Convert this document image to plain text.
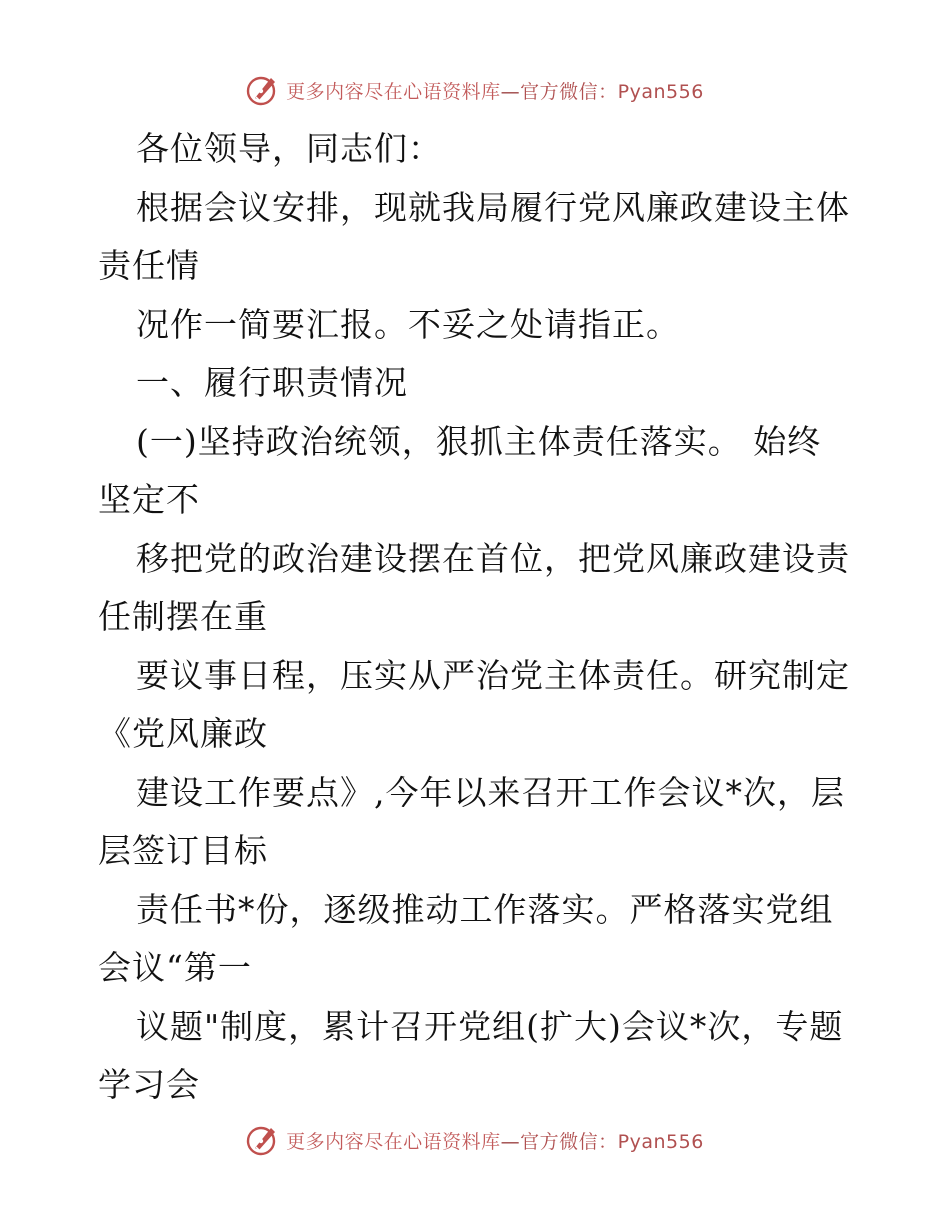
更多内容尽在心语资料库—官方微信：Pyan556
各位领导，同志们：
根据会议安排，现就我局履行党风廉政建设主体
责任情
况作一简要汇报。不妥之处请指正。
一、履行职责情况
(一)坚持政治统领，狠抓主体责任落实。 始终
坚定不
移把党的政治建设摆在首位，把党风廉政建设责
任制摆在重
要议事日程，压实从严治党主体责任。研究制定
《党风廉政
建设工作要点》,今年以来召开工作会议*次，层
层签订目标
责任书*份，逐级推动工作落实。严格落实党组
会议“第一
议题"制度，累计召开党组(扩大)会议*次，专题
学习会
更多内容尽在心语资料库—官方微信：Pyan556
